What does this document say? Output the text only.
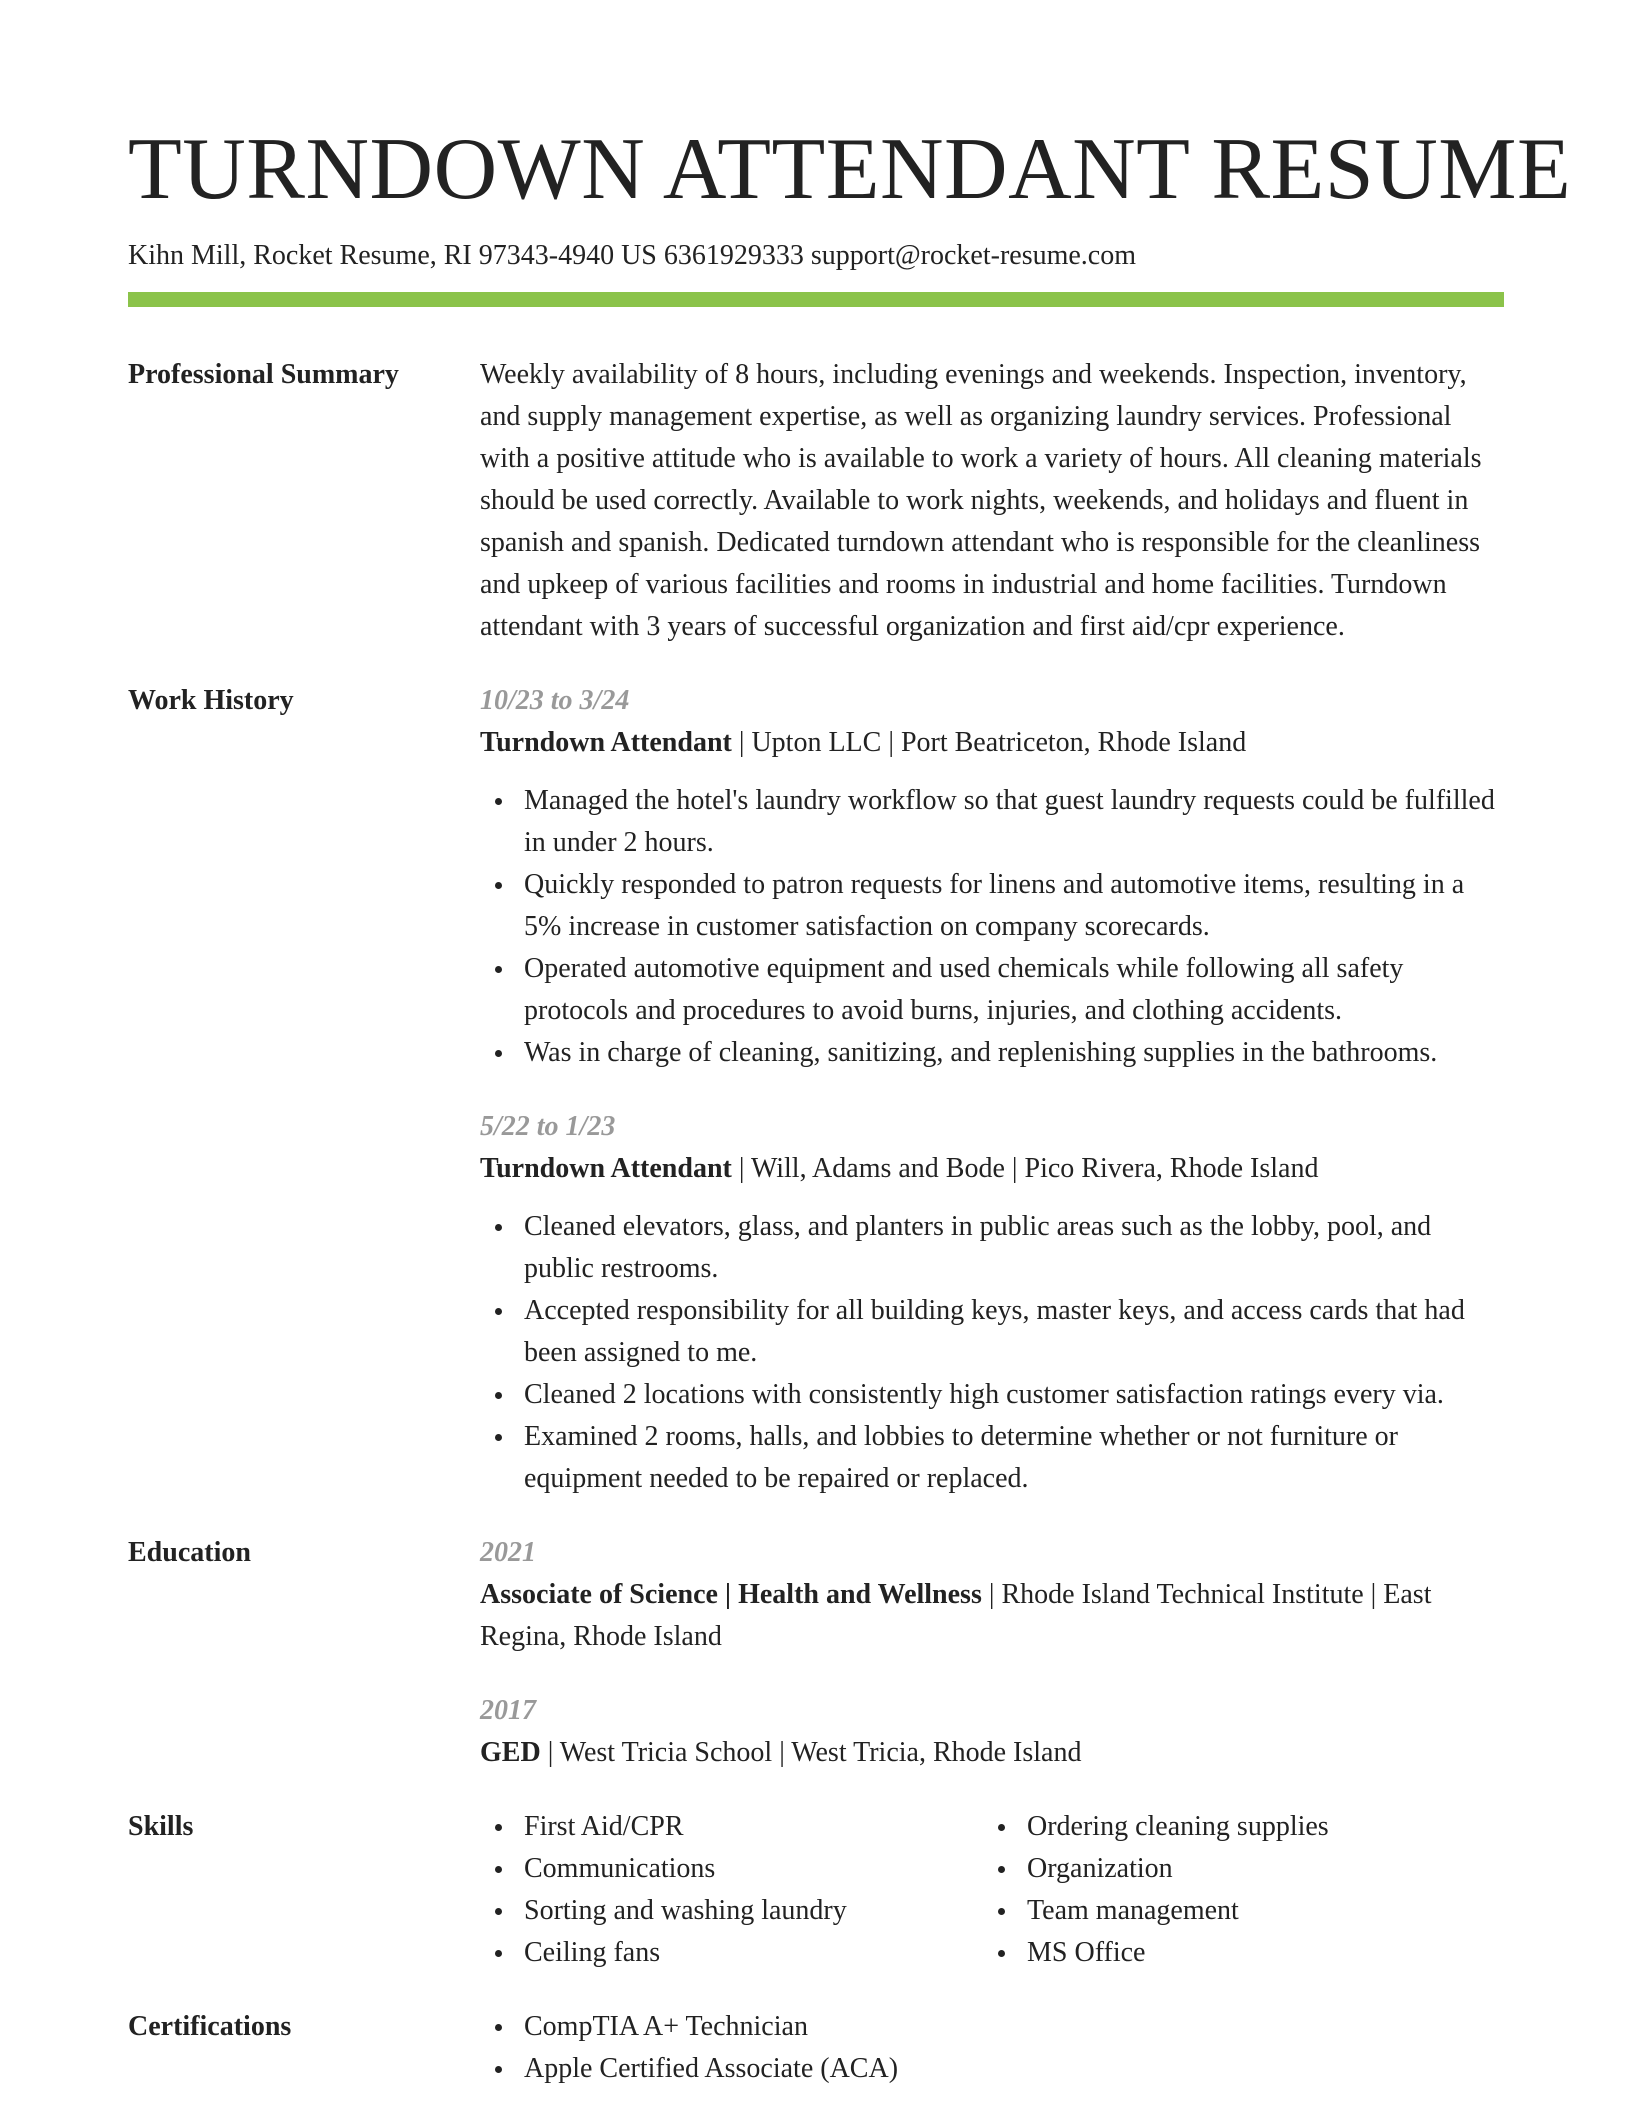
TURNDOWN ATTENDANT RESUME
Kihn Mill, Rocket Resume, RI 97343-4940 US 6361929333 support@rocket-resume.com
Professional Summary	Weekly availability of 8 hours, including evenings and weekends. Inspection, inventory, and supply management expertise, as well as organizing laundry services. Professional with a positive attitude who is available to work a variety of hours. All cleaning materials should be used correctly. Available to work nights, weekends, and holidays and fluent in spanish and spanish. Dedicated turndown attendant who is responsible for the cleanliness and upkeep of various facilities and rooms in industrial and home facilities. Turndown attendant with 3 years of successful organization and first aid/cpr experience.

Work History	10/23 to 3/24
Turndown Attendant | Upton LLC | Port Beatriceton, Rhode Island
Managed the hotel's laundry workflow so that guest laundry requests could be fulfilled in under 2 hours.
Quickly responded to patron requests for linens and automotive items, resulting in a 5% increase in customer satisfaction on company scorecards.
Operated automotive equipment and used chemicals while following all safety protocols and procedures to avoid burns, injuries, and clothing accidents.
Was in charge of cleaning, sanitizing, and replenishing supplies in the bathrooms.
5/22 to 1/23
Turndown Attendant | Will, Adams and Bode | Pico Rivera, Rhode Island
Cleaned elevators, glass, and planters in public areas such as the lobby, pool, and public restrooms.
Accepted responsibility for all building keys, master keys, and access cards that had been assigned to me.
Cleaned 2 locations with consistently high customer satisfaction ratings every via.
Examined 2 rooms, halls, and lobbies to determine whether or not furniture or equipment needed to be repaired or replaced.
Education	2021
Associate of Science | Health and Wellness | Rhode Island Technical Institute | East Regina, Rhode Island
2017
GED | West Tricia School | West Tricia, Rhode Island
Skills	First Aid/CPR
Communications
Sorting and washing laundry
Ceiling fans
Ordering cleaning supplies
Organization
Team management
MS Office
Certifications	CompTIA A+ Technician
Apple Certified Associate (ACA)
